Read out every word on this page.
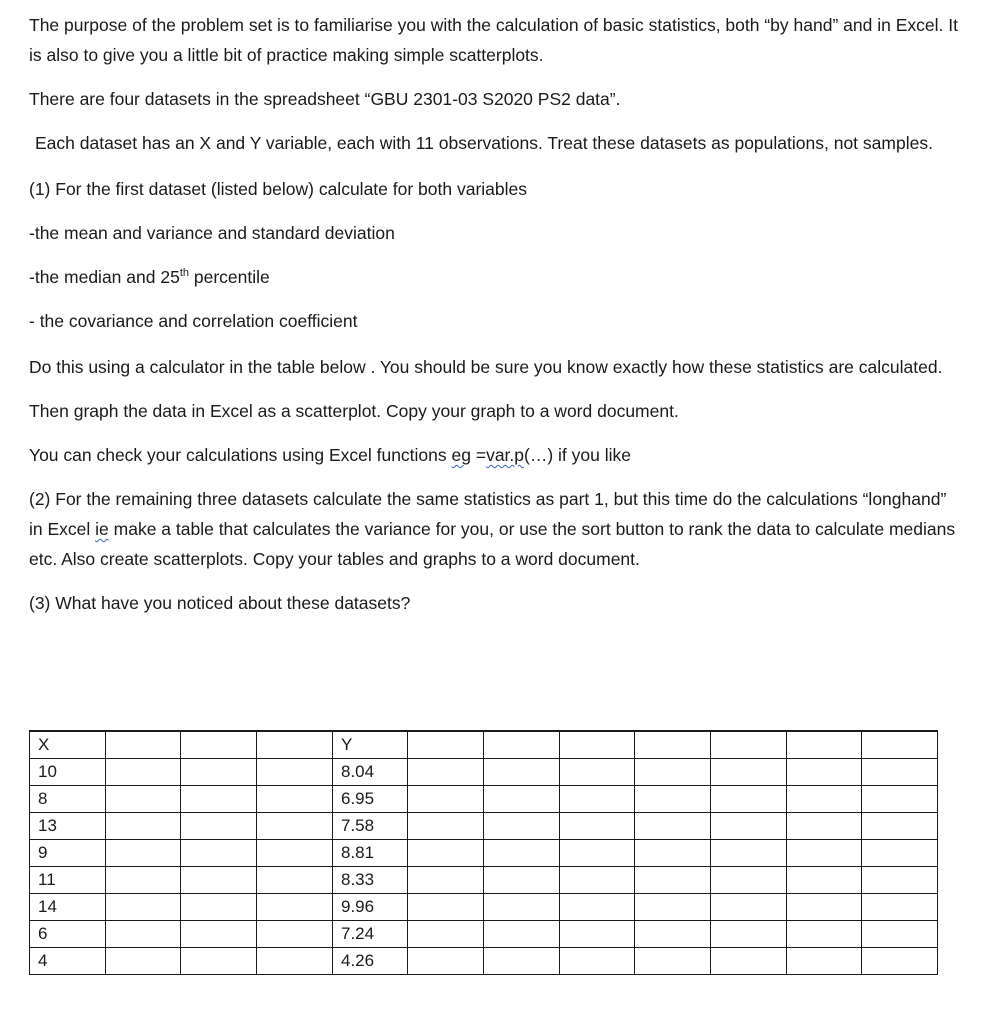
The purpose of the problem set is to familiarise you with the calculation of basic statistics, both “by hand” and in Excel. It is also to give you a little bit of practice making simple scatterplots.

There are four datasets in the spreadsheet “GBU 2301-03 S2020 PS2 data”.

Each dataset has an X and Y variable, each with 11 observations. Treat these datasets as populations, not samples.

(1) For the first dataset (listed below) calculate for both variables

-the mean and variance and standard deviation

-the median and 25th percentile

- the covariance and correlation coefficient

Do this using a calculator in the table below . You should be sure you know exactly how these statistics are calculated.

Then graph the data in Excel as a scatterplot. Copy your graph to a word document.

You can check your calculations using Excel functions eg =var.p(…) if you like

(2) For the remaining three datasets calculate the same statistics as part 1, but this time do the calculations “longhand” in Excel ie make a table that calculates the variance for you, or use the sort button to rank the data to calculate medians etc. Also create scatterplots. Copy your tables and graphs to a word document.

(3) What have you noticed about these datasets?

X				Y							
10				8.04							
8				6.95							
13				7.58							
9				8.81							
11				8.33							
14				9.96							
6				7.24							
4				4.26							
